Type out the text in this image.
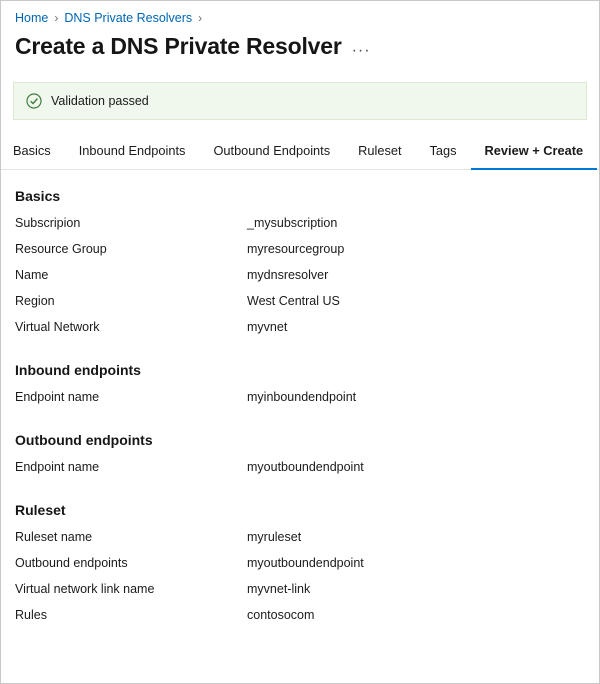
Home › DNS Private Resolvers ›
Create a DNS Private Resolver ···
Validation passed
Basics	Inbound Endpoints	Outbound Endpoints	Ruleset	Tags	Review + Create
Basics
Subscripion	_mysubscription
Resource Group	myresourcegroup
Name	mydnsresolver
Region	West Central US
Virtual Network	myvnet
Inbound endpoints
Endpoint name	myinboundendpoint
Outbound endpoints
Endpoint name	myoutboundendpoint
Ruleset
Ruleset name	myruleset
Outbound endpoints	myoutboundendpoint
Virtual network link name	myvnet-link
Rules	contosocom
